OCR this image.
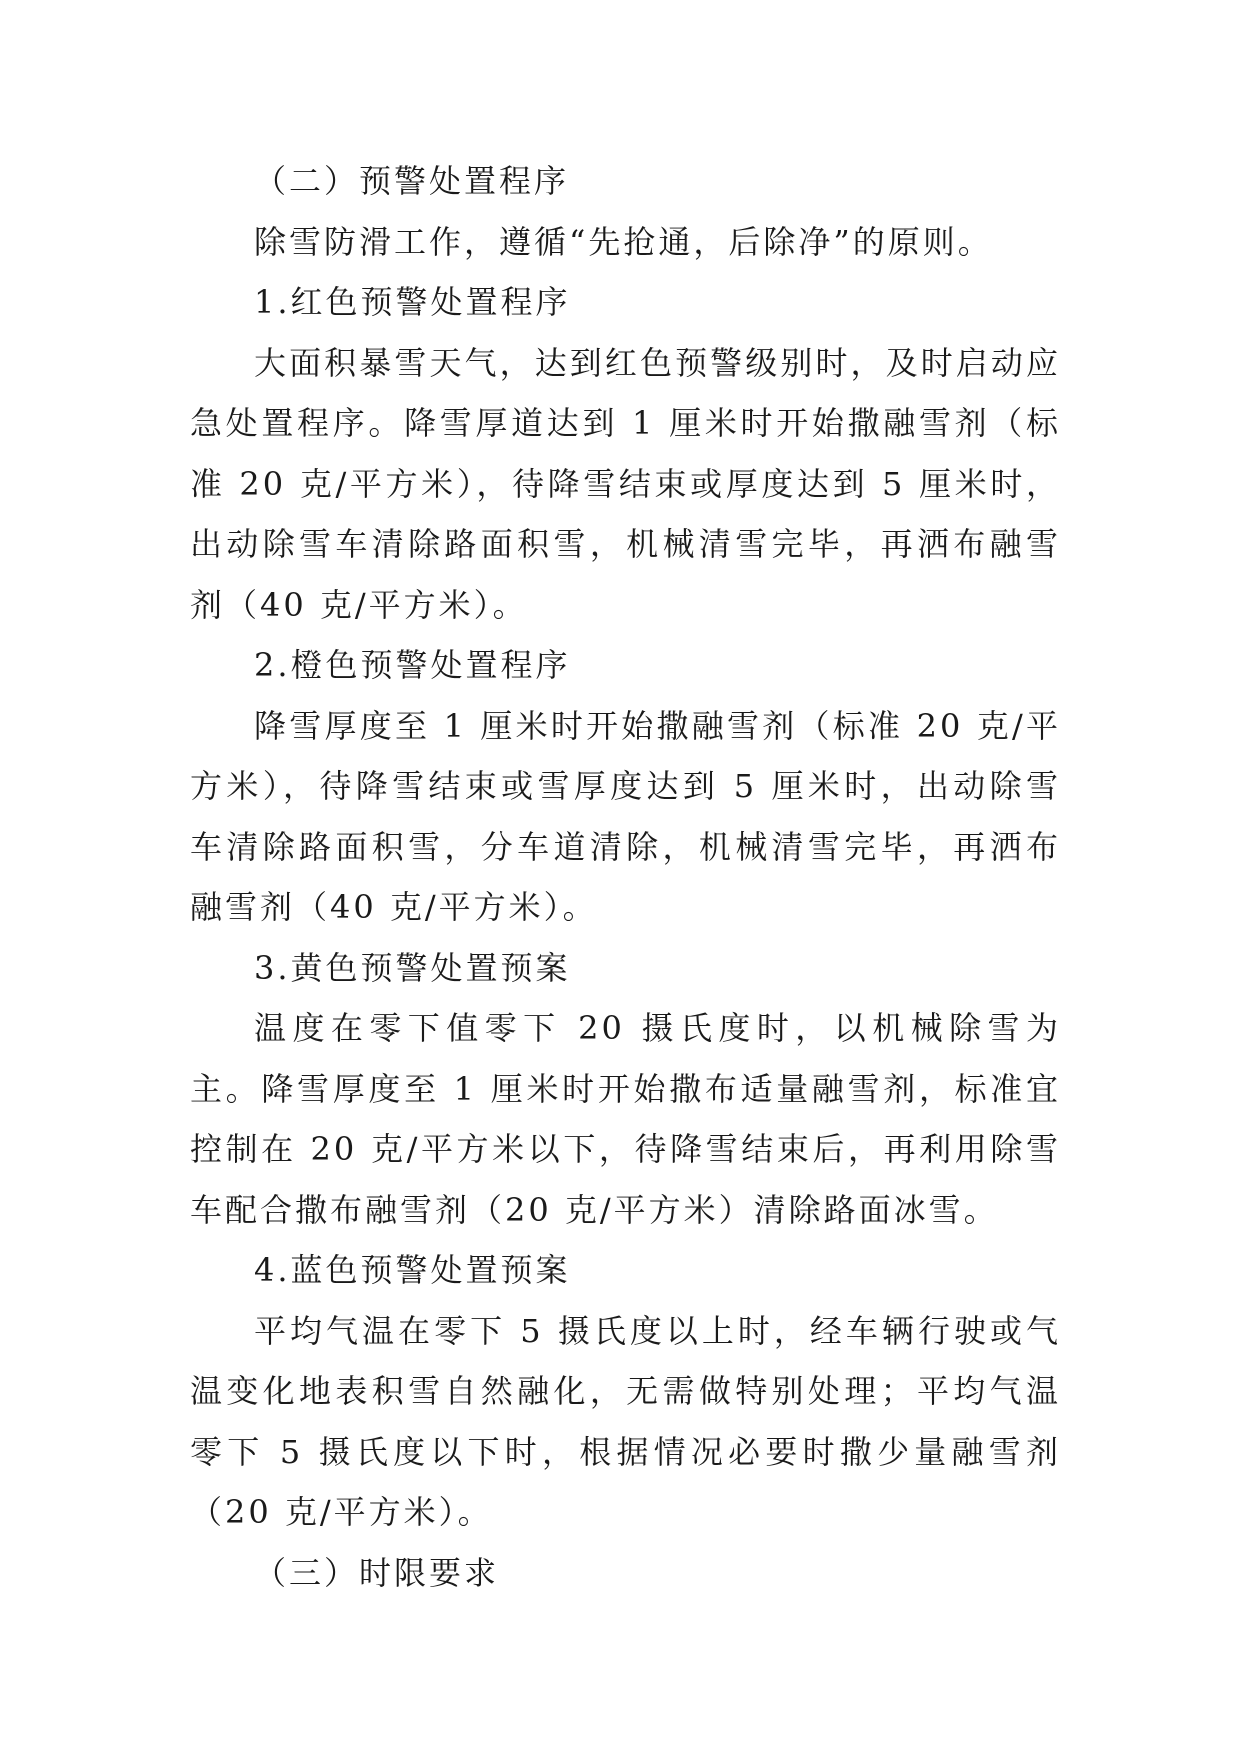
（二）预警处置程序

除雪防滑工作，遵循“先抢通，后除净”的原则。

1.红色预警处置程序

大面积暴雪天气，达到红色预警级别时，及时启动应急处置程序。降雪厚道达到 1 厘米时开始撒融雪剂（标准 20 克/平方米），待降雪结束或厚度达到 5 厘米时，出动除雪车清除路面积雪，机械清雪完毕，再洒布融雪剂（40 克/平方米）。

2.橙色预警处置程序

降雪厚度至 1 厘米时开始撒融雪剂（标准 20 克/平方米），待降雪结束或雪厚度达到 5 厘米时，出动除雪车清除路面积雪，分车道清除，机械清雪完毕，再洒布融雪剂（40 克/平方米）。

3.黄色预警处置预案

温度在零下值零下 20 摄氏度时，以机械除雪为主。降雪厚度至 1 厘米时开始撒布适量融雪剂，标准宜控制在 20 克/平方米以下，待降雪结束后，再利用除雪车配合撒布融雪剂（20 克/平方米）清除路面冰雪。

4.蓝色预警处置预案

平均气温在零下 5 摄氏度以上时，经车辆行驶或气温变化地表积雪自然融化，无需做特别处理；平均气温零下 5 摄氏度以下时，根据情况必要时撒少量融雪剂（20 克/平方米）。

（三）时限要求
